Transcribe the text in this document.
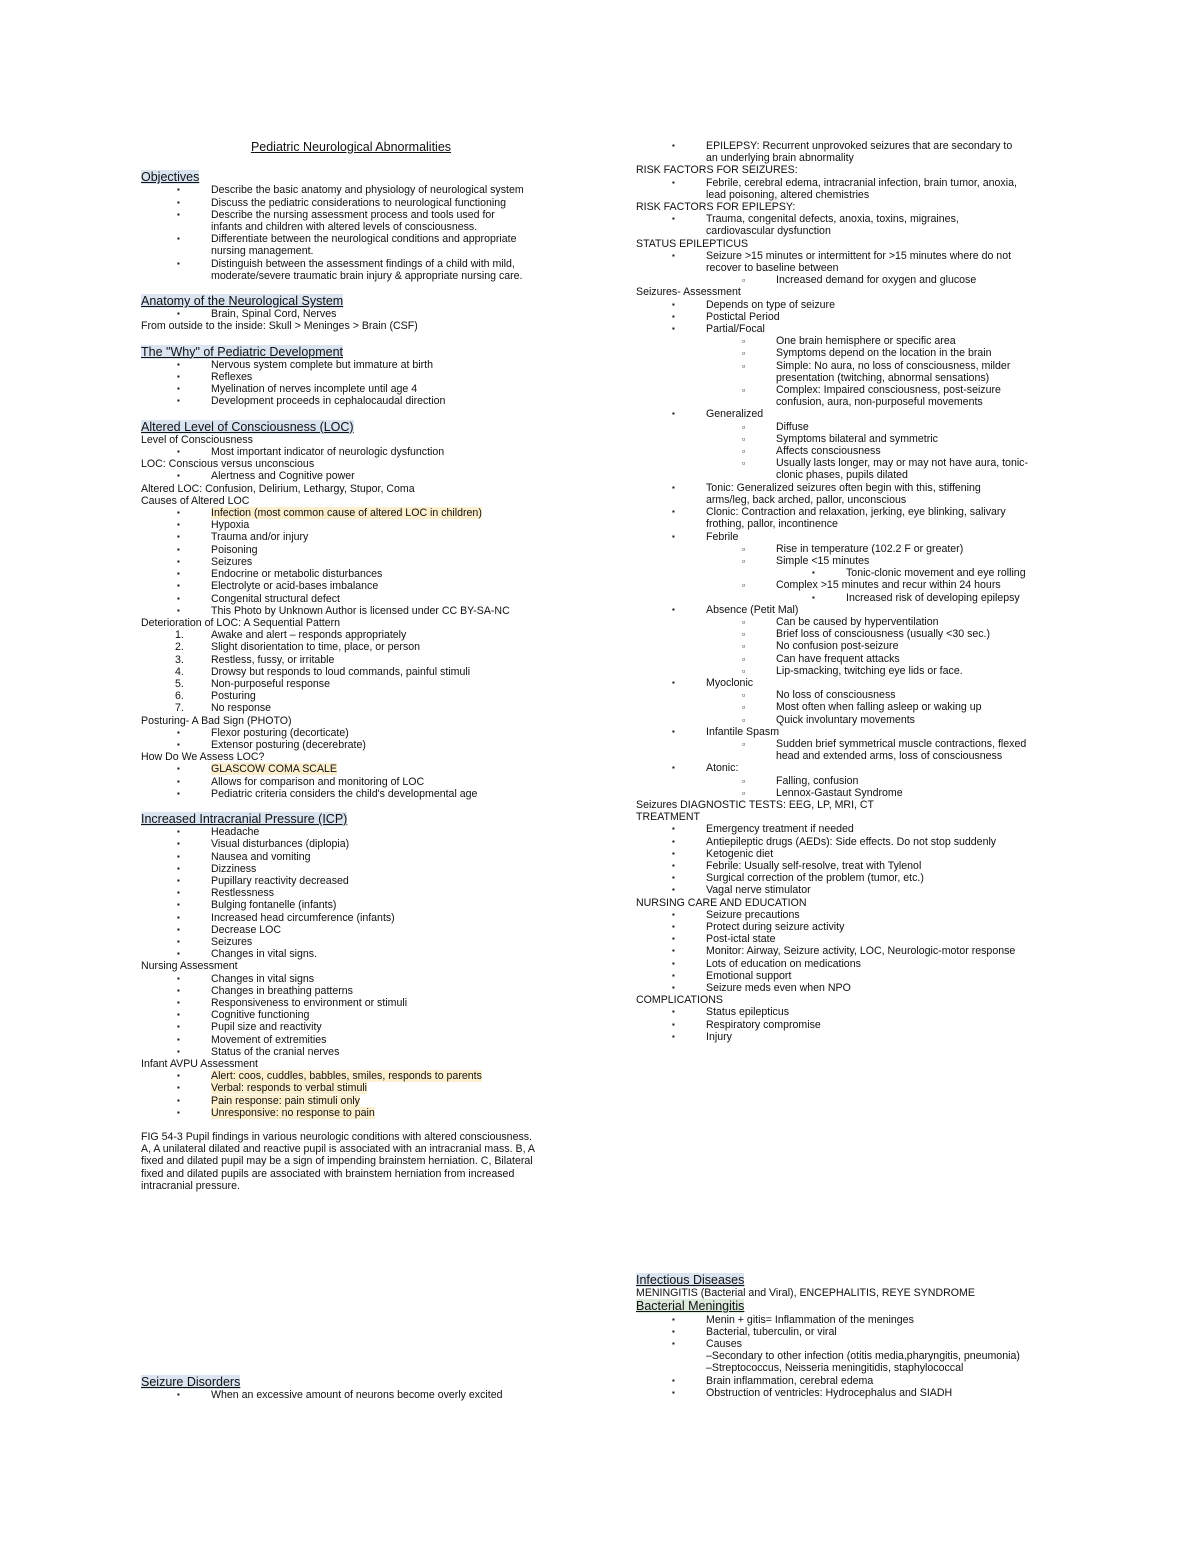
Pediatric Neurological Abnormalities
Objectives
▪ Describe the basic anatomy and physiology of neurological system
▪ Discuss the pediatric considerations to neurological functioning
▪ Describe the nursing assessment process and tools used for
infants and children with altered levels of consciousness.
▪ Differentiate between the neurological conditions and appropriate
nursing management.
▪ Distinguish between the assessment findings of a child with mild,
moderate/severe traumatic brain injury & appropriate nursing care.
Anatomy of the Neurological System
▪ Brain, Spinal Cord, Nerves
From outside to the inside: Skull > Meninges > Brain (CSF)
The "Why" of Pediatric Development
▪ Nervous system complete but immature at birth
▪ Reflexes
▪ Myelination of nerves incomplete until age 4
▪ Development proceeds in cephalocaudal direction
Altered Level of Consciousness (LOC)
Level of Consciousness
▪ Most important indicator of neurologic dysfunction
LOC: Conscious versus unconscious
▪ Alertness and Cognitive power
Altered LOC: Confusion, Delirium, Lethargy, Stupor, Coma
Causes of Altered LOC
▪ Infection (most common cause of altered LOC in children)
▪ Hypoxia
▪ Trauma and/or injury
▪ Poisoning
▪ Seizures
▪ Endocrine or metabolic disturbances
▪ Electrolyte or acid-bases imbalance
▪ Congenital structural defect
▪ This Photo by Unknown Author is licensed under CC BY-SA-NC
Deterioration of LOC: A Sequential Pattern
1.	Awake and alert – responds appropriately
2.	Slight disorientation to time, place, or person
3.	Restless, fussy, or irritable
4.	Drowsy but responds to loud commands, painful stimuli
5.	Non-purposeful response
6.	Posturing
7.	No response
Posturing- A Bad Sign (PHOTO)
▪ Flexor posturing (decorticate)
▪ Extensor posturing (decerebrate)
How Do We Assess LOC?
▪ GLASCOW COMA SCALE
▪ Allows for comparison and monitoring of LOC
▪ Pediatric criteria considers the child's developmental age
Increased Intracranial Pressure (ICP)
▪ Headache
▪ Visual disturbances (diplopia)
▪ Nausea and vomiting
▪ Dizziness
▪ Pupillary reactivity decreased
▪ Restlessness
▪ Bulging fontanelle (infants)
▪ Increased head circumference (infants)
▪ Decrease LOC
▪ Seizures
▪ Changes in vital signs.
Nursing Assessment
▪ Changes in vital signs
▪ Changes in breathing patterns
▪ Responsiveness to environment or stimuli
▪ Cognitive functioning
▪ Pupil size and reactivity
▪ Movement of extremities
▪ Status of the cranial nerves
Infant AVPU Assessment
▪ Alert: coos, cuddles, babbles, smiles, responds to parents
▪ Verbal: responds to verbal stimuli
▪ Pain response: pain stimuli only
▪ Unresponsive: no response to pain
FIG 54-3 Pupil findings in various neurologic conditions with altered consciousness. A, A unilateral dilated and reactive pupil is associated with an intracranial mass. B, A fixed and dilated pupil may be a sign of impending brainstem herniation. C, Bilateral fixed and dilated pupils are associated with brainstem herniation from increased intracranial pressure.
Seizure Disorders
▪ When an excessive amount of neurons become overly excited
▪ EPILEPSY: Recurrent unprovoked seizures that are secondary to
an underlying brain abnormality
RISK FACTORS FOR SEIZURES:
▪ Febrile, cerebral edema, intracranial infection, brain tumor, anoxia,
lead poisoning, altered chemistries
RISK FACTORS FOR EPILEPSY:
▪ Trauma, congenital defects, anoxia, toxins, migraines,
cardiovascular dysfunction
STATUS EPILEPTICUS
▪ Seizure >15 minutes or intermittent for >15 minutes where do not
recover to baseline between
▫ Increased demand for oxygen and glucose
Seizures- Assessment
▪ Depends on type of seizure
▪ Postictal Period
▪ Partial/Focal
▫ One brain hemisphere or specific area
▫ Symptoms depend on the location in the brain
▫ Simple: No aura, no loss of consciousness, milder
presentation (twitching, abnormal sensations)
▫ Complex: Impaired consciousness, post-seizure
confusion, aura, non-purposeful movements
▪ Generalized
▫ Diffuse
▫ Symptoms bilateral and symmetric
▫ Affects consciousness
▫ Usually lasts longer, may or may not have aura, tonic-
clonic phases, pupils dilated
▪ Tonic: Generalized seizures often begin with this, stiffening
arms/leg, back arched, pallor, unconscious
▪ Clonic: Contraction and relaxation, jerking, eye blinking, salivary
frothing, pallor, incontinence
▪ Febrile
▫ Rise in temperature (102.2 F or greater)
▫ Simple <15 minutes
▪ Tonic-clonic movement and eye rolling
▫ Complex >15 minutes and recur within 24 hours
▪ Increased risk of developing epilepsy
▪ Absence (Petit Mal)
▫ Can be caused by hyperventilation
▫ Brief loss of consciousness (usually <30 sec.)
▫ No confusion post-seizure
▫ Can have frequent attacks
▫ Lip-smacking, twitching eye lids or face.
▪ Myoclonic
▫ No loss of consciousness
▫ Most often when falling asleep or waking up
▫ Quick involuntary movements
▪ Infantile Spasm
▫ Sudden brief symmetrical muscle contractions, flexed
head and extended arms, loss of consciousness
▪ Atonic:
▫ Falling, confusion
▫ Lennox-Gastaut Syndrome
Seizures DIAGNOSTIC TESTS: EEG, LP, MRI, CT
TREATMENT
▪ Emergency treatment if needed
▪ Antiepileptic drugs (AEDs): Side effects. Do not stop suddenly
▪ Ketogenic diet
▪ Febrile: Usually self-resolve, treat with Tylenol
▪ Surgical correction of the problem (tumor, etc.)
▪ Vagal nerve stimulator
NURSING CARE AND EDUCATION
▪ Seizure precautions
▪ Protect during seizure activity
▪ Post-ictal state
▪ Monitor: Airway, Seizure activity, LOC, Neurologic-motor response
▪ Lots of education on medications
▪ Emotional support
▪ Seizure meds even when NPO
COMPLICATIONS
▪ Status epilepticus
▪ Respiratory compromise
▪ Injury
Infectious Diseases
MENINGITIS (Bacterial and Viral), ENCEPHALITIS, REYE SYNDROME
Bacterial Meningitis
▪ Menin + gitis= Inflammation of the meninges
▪ Bacterial, tuberculin, or viral
▪ Causes
–Secondary to other infection (otitis media,pharyngitis, pneumonia)
–Streptococcus, Neisseria meningitidis, staphylococcal
▪ Brain inflammation, cerebral edema
▪ Obstruction of ventricles: Hydrocephalus and SIADH
